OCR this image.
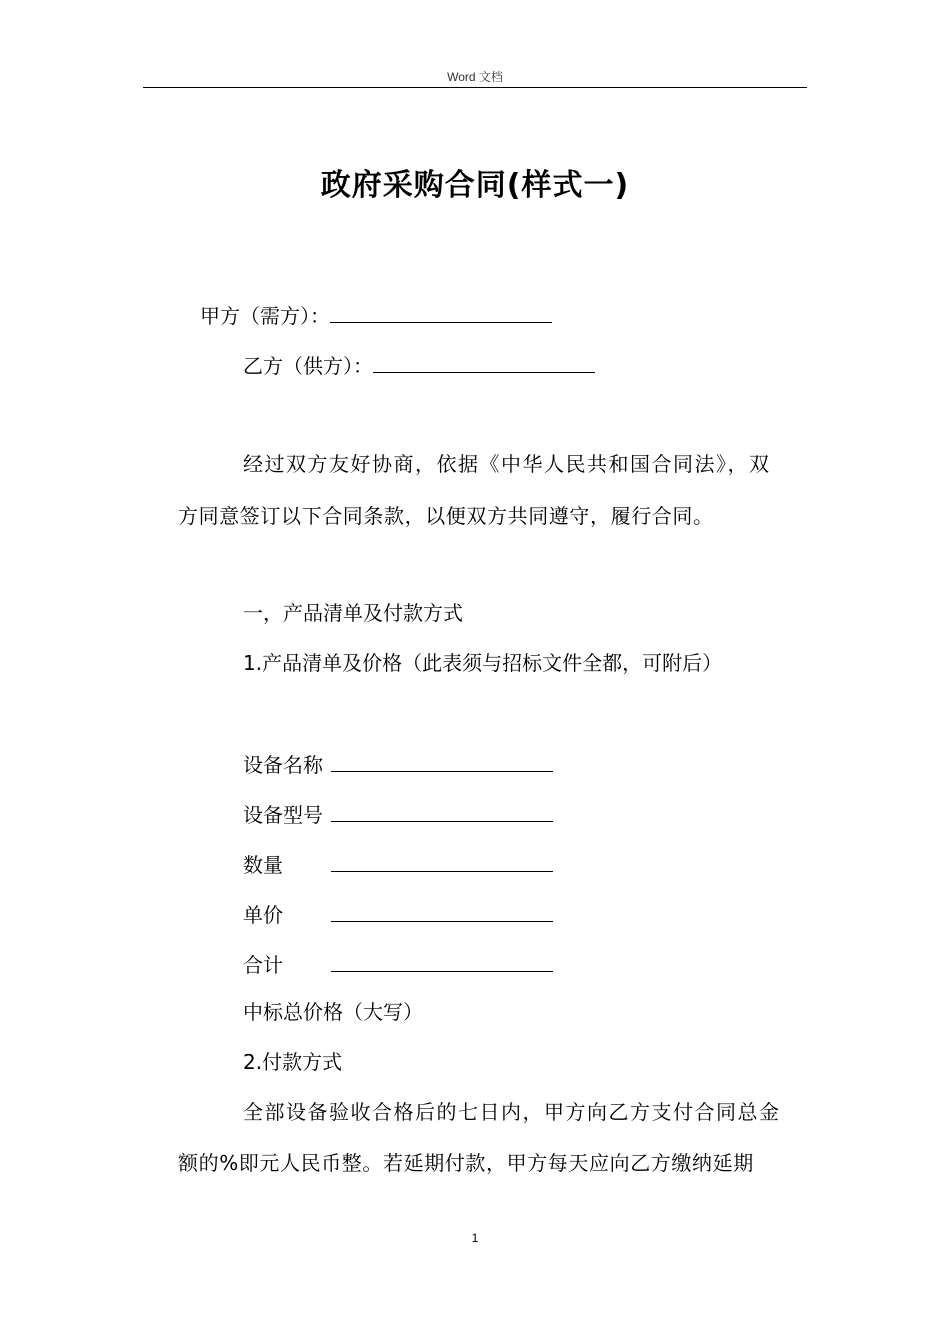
Word 文档
政府采购合同(样式一)
甲方（需方）：
乙方（供方）：
经过双方友好协商，依据《中华人民共和国合同法》，双
方同意签订以下合同条款，以便双方共同遵守，履行合同。
一，产品清单及付款方式
1.产品清单及价格（此表须与招标文件全都，可附后）
设备名称
设备型号
数量
单价
合计
中标总价格（大写）
2.付款方式
全部设备验收合格后的七日内，甲方向乙方支付合同总金
额的%即元人民币整。若延期付款，甲方每天应向乙方缴纳延期
1
